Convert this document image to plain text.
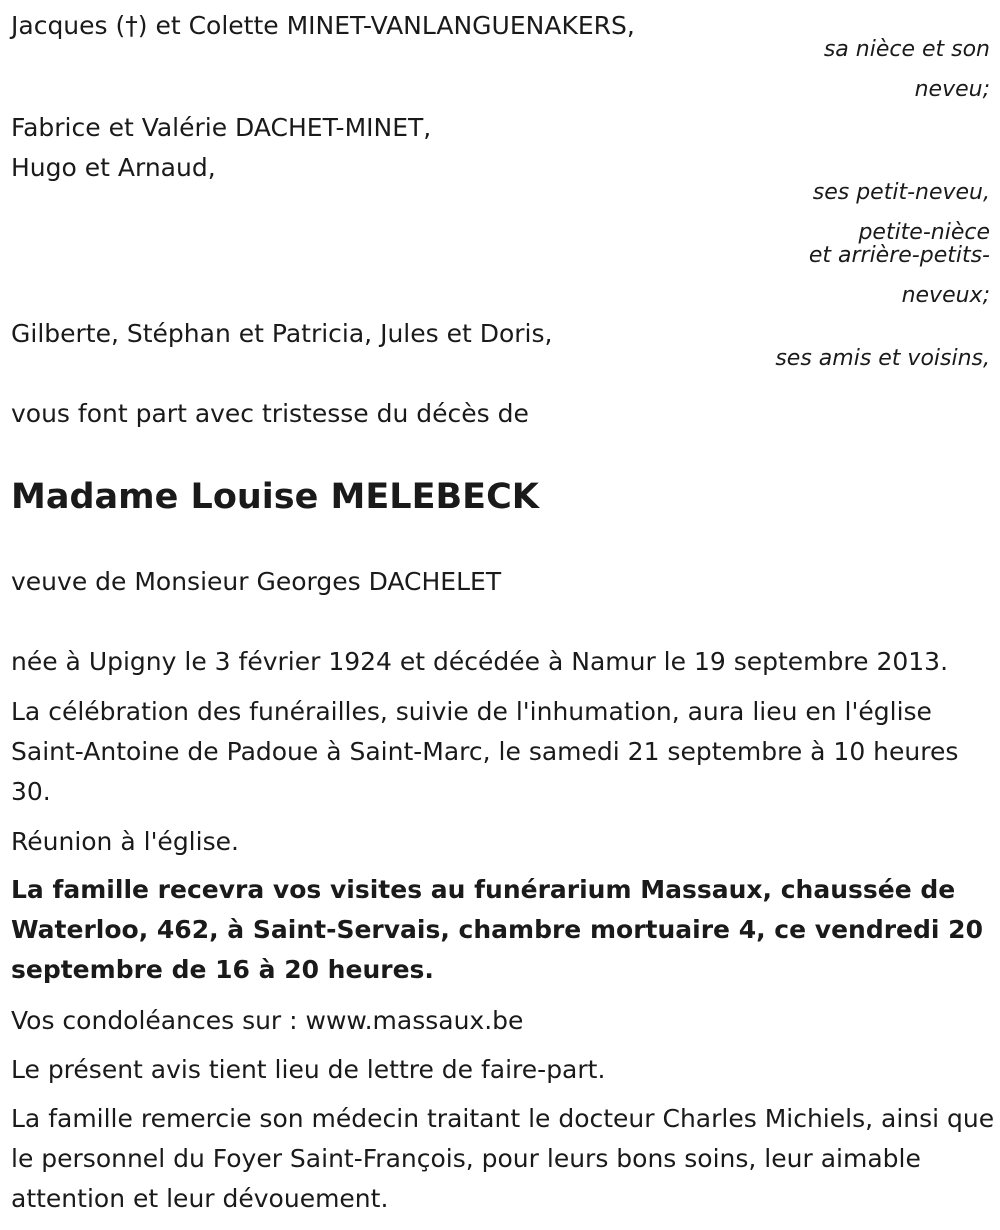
Jacques (†) et Colette MINET-VANLANGUENAKERS,
sa nièce et son
neveu;
Fabrice et Valérie DACHET-MINET,
Hugo et Arnaud,
ses petit-neveu,
petite-nièce
et arrière-petits-
neveux;
Gilberte, Stéphan et Patricia, Jules et Doris,
ses amis et voisins,
vous font part avec tristesse du décès de
Madame Louise MELEBECK
veuve de Monsieur Georges DACHELET
née à Upigny le 3 février 1924 et décédée à Namur le 19 septembre 2013.
La célébration des funérailles, suivie de l'inhumation, aura lieu en l'église Saint-Antoine de Padoue à Saint-Marc, le samedi 21 septembre à 10 heures 30.
Réunion à l'église.
La famille recevra vos visites au funérarium Massaux, chaussée de Waterloo, 462, à Saint-Servais, chambre mortuaire 4, ce vendredi 20 septembre de 16 à 20 heures.
Vos condoléances sur : www.massaux.be
Le présent avis tient lieu de lettre de faire-part.
La famille remercie son médecin traitant le docteur Charles Michiels, ainsi que le personnel du Foyer Saint-François, pour leurs bons soins, leur aimable attention et leur dévouement.
